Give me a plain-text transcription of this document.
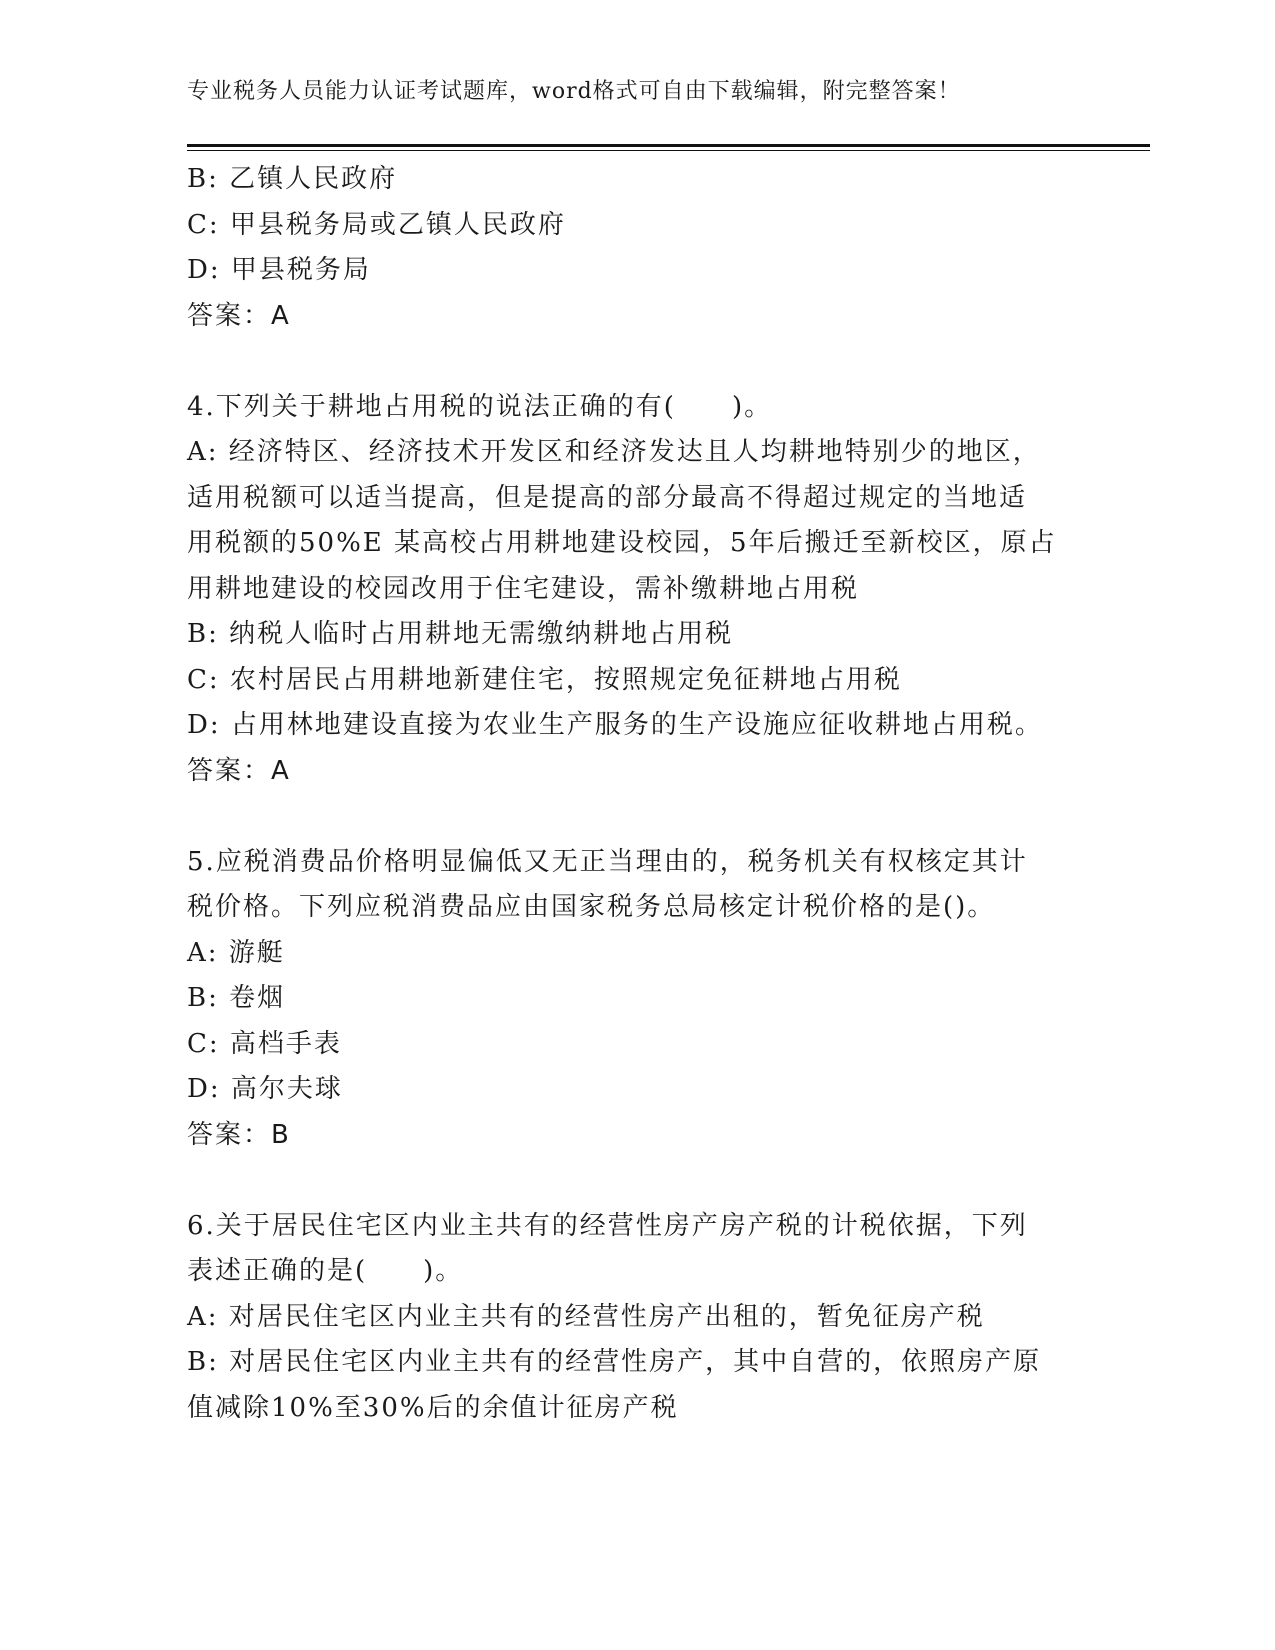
专业税务人员能力认证考试题库，word格式可自由下载编辑，附完整答案！
B: 乙镇人民政府
C: 甲县税务局或乙镇人民政府
D: 甲县税务局
答案：A
4.下列关于耕地占用税的说法正确的有(　　)。
A: 经济特区、经济技术开发区和经济发达且人均耕地特别少的地区，
适用税额可以适当提高，但是提高的部分最高不得超过规定的当地适
用税额的50%E 某高校占用耕地建设校园，5年后搬迁至新校区，原占
用耕地建设的校园改用于住宅建设，需补缴耕地占用税
B: 纳税人临时占用耕地无需缴纳耕地占用税
C: 农村居民占用耕地新建住宅，按照规定免征耕地占用税
D: 占用林地建设直接为农业生产服务的生产设施应征收耕地占用税。
答案：A
5.应税消费品价格明显偏低又无正当理由的，税务机关有权核定其计
税价格。下列应税消费品应由国家税务总局核定计税价格的是()。
A: 游艇
B: 卷烟
C: 高档手表
D: 高尔夫球
答案：B
6.关于居民住宅区内业主共有的经营性房产房产税的计税依据，下列
表述正确的是(　　)。
A: 对居民住宅区内业主共有的经营性房产出租的，暂免征房产税
B: 对居民住宅区内业主共有的经营性房产，其中自营的，依照房产原
值减除10%至30%后的余值计征房产税
